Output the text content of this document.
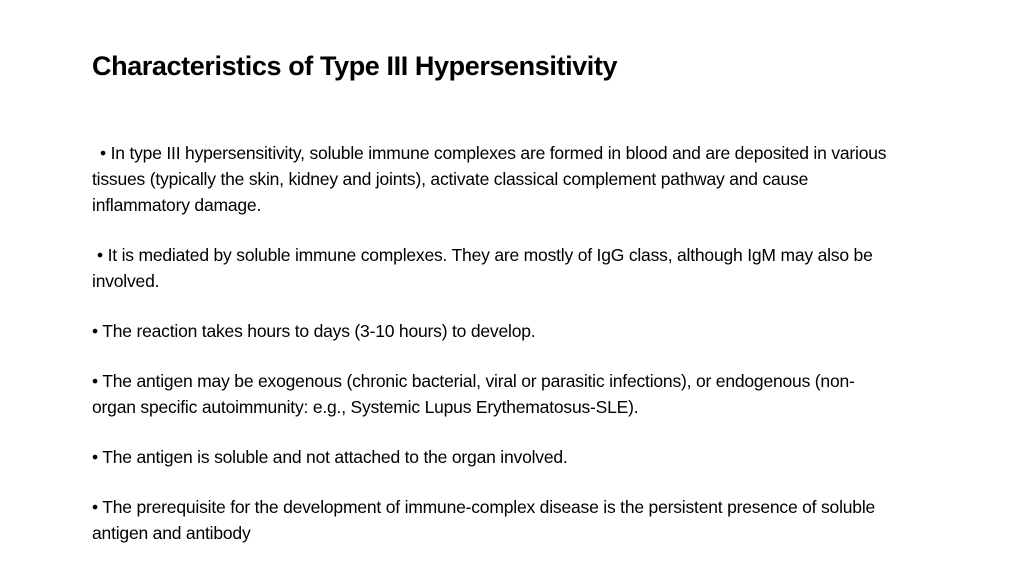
Characteristics of Type III Hypersensitivity
• In type III hypersensitivity, soluble immune complexes are formed in blood and are deposited in various tissues (typically the skin, kidney and joints), activate classical complement pathway and cause inflammatory damage.
• It is mediated by soluble immune complexes. They are mostly of IgG class, although IgM may also be involved.
• The reaction takes hours to days (3-10 hours) to develop.
• The antigen may be exogenous (chronic bacterial, viral or parasitic infections), or endogenous (non-organ specific autoimmunity: e.g., Systemic Lupus Erythematosus-SLE).
• The antigen is soluble and not attached to the organ involved.
• The prerequisite for the development of immune-complex disease is the persistent presence of soluble antigen and antibody
